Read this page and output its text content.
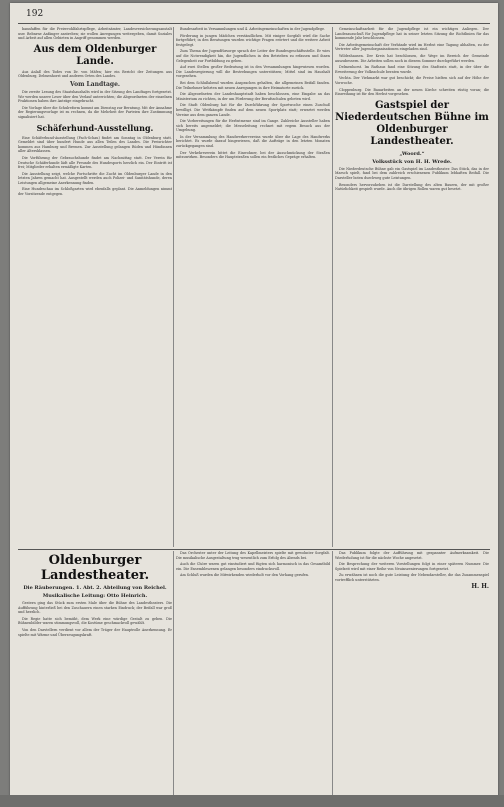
192

bannfaffen für die Freiwvohlfahrtspflege, Arbeitsämter, Landesversicherungsanstalt usw. Bebnrne Anfänger anstreben; sie wollen Anregungen weitergeben, damit Soziales und Arbeit auf allen Gebieten in Angriff genommen werden.

Aus dem Oldenburger Lande.

Aus Anlaß des Todes von Dr. von Mäfen; hier ein Bericht der Zeitungen aus Oldenburg, Delmenhorst und anderen Orten des Landes.

Vom Landtage.

Die zweite Lesung des Staatshaushalts wird in der Sitzung des Landtages fortgesetzt. Wir werden unsere Leser über den Verlauf unterrichten; die Abgeordneten der einzelnen Fraktionen haben ihre Anträge eingebracht.

Die Vorlage über die Schulreform kommt am Dienstag zur Beratung. Mit der Annahme der Regierungsvorlage ist zu rechnen, da die Mehrheit der Parteien ihre Zustimmung signalisiert hat.

Schäferhund-Ausstellung.

Eine Schäferhund-Ausstellung (Fach-Schau) findet am Sonntag in Oldenburg statt. Gemeldet sind über hundert Hunde aus allen Teilen des Landes. Die Preisrichter kommen aus Hamburg und Bremen. Zur Ausstellung gelangen Rüden und Hündinnen aller Altersklassen.

Die Vorführung der Gebrauchshunde findet am Nachmittag statt. Der Verein für Deutsche Schäferhunde lädt alle Freunde des Hundesports herzlich ein. Der Eintritt ist frei; Mitglieder erhalten ermäßigte Karten.

Die Ausstellung zeigt, welche Fortschritte die Zucht im Oldenburger Lande in den letzten Jahren gemacht hat. Ausgestellt werden auch Polizei- und Sanitätshunde, deren Leistungen allgemeine Anerkennung finden.

Eine Hundeschau im Schloßgarten wird ebenfalls geplant. Die Anmeldungen nimmt der Vorsitzende entgegen.

Bundesarbeit in Versammlungen und 4. Arbeitsgemeinschaften in der Jugendpflege.

Förderung in jungen Mädchen verständlichen. Mit einiger Sorgfalt wird die Sache fortgeführt; in den Beratungen wurden wichtige Fragen erörtert und die weitere Arbeit festgelegt.

Zum Thema der Jugendfürsorge sprach der Leiter der Bundesgeschäftsstelle. Er wies auf die Notwendigkeit hin, die Jugendlichen in den Betrieben zu erfassen und ihnen Gelegenheit zur Fortbildung zu geben.

Auf zwei Stellen großer Bedeutung ist in den Versammlungen hingewiesen worden. Die Landesregierung will die Bestrebungen unterstützen; Mittel sind im Haushalt vorgesehen.

Bei dem Schlußabend wurden Ansprachen gehalten, die allgemeinen Beifall fanden. Die Teilnehmer kehrten mit neuen Anregungen in ihre Heimatorte zurück.

Die Abgeordneten der Landeshauptstadt haben beschlossen, eine Eingabe an das Ministerium zu richten, in der um Förderung der Berufsschulen gebeten wird.

Die Stadt Oldenburg hat für die Durchführung der Sportwoche einen Zuschuß bewilligt. Die Wettkämpfe finden auf dem neuen Sportplatz statt; erwartet werden Vereine aus dem ganzen Lande.

Die Vorbereitungen für die Herbstmesse sind im Gange. Zahlreiche Aussteller haben sich bereits angemeldet; die Messeleitung rechnet mit regem Besuch aus der Umgebung.

In der Versammlung des Handwerkervereins wurde über die Lage des Handwerks berichtet. Es wurde darauf hingewiesen, daß die Aufträge in den letzten Monaten zurückgegangen sind.

Der Verkehrsverein bittet die Einwohner, bei der Ausschmückung der Straßen mitzuwirken. Besonders die Hauptstraßen sollen ein festliches Gepräge erhalten.

Gemeinschaftsarbeit für die Jugendpflege ist ein wichtiges Anliegen. Der Landesausschuß für Jugendpflege hat in seiner letzten Sitzung die Richtlinien für das kommende Jahr beschlossen.

Die Arbeitsgemeinschaft der Verbände wird im Herbst eine Tagung abhalten, zu der Vertreter aller Jugendorganisationen eingeladen sind.

Wildeshausen. Der Kreis hat beschlossen, die Wege im Bereich der Gemeinde auszubessern. Die Arbeiten sollen noch in diesem Sommer durchgeführt werden.

Delmenhorst. Im Rathaus fand eine Sitzung des Stadtrats statt, in der über die Erweiterung der Volksschule beraten wurde.

Vechta. Der Viehmarkt war gut beschickt; die Preise hielten sich auf der Höhe der Vorwoche.

Cloppenburg. Die Bauarbeiten an der neuen Kirche schreiten rüstig voran; die Einweihung ist für den Herbst vorgesehen.

Gastspiel der Niederdeutschen Bühne im Oldenburger Landestheater.
„Woord.“
Volksstück von H. H. Wrede.

Die Niederdeutsche Bühne gab ein Gastspiel im Landestheater. Das Stück, das in der Marsch spielt, fand bei dem zahlreich erschienenen Publikum lebhaften Beifall. Die Darsteller boten durchweg gute Leistungen.

Besonders hervorzuheben ist die Darstellung des alten Bauern, der mit großer Natürlichkeit gespielt wurde. Auch die übrigen Rollen waren gut besetzt.

Oldenburger Landestheater.
Die Räuberungen. 1. Abt. 2. Abteilung von Reichel.
Musikalische Leitung: Otto Heinrich.

Gestern ging das Stück zum ersten Male über die Bühne des Landestheaters. Die Aufführung hinterließ bei den Zuschauern einen starken Eindruck; der Beifall war groß und herzlich.

Die Regie hatte sich bemüht, dem Werk eine würdige Gestalt zu geben. Die Bühnenbilder waren stimmungsvoll, die Kostüme geschmackvoll gewählt.

Von den Darstellern verdient vor allem der Träger der Hauptrolle Anerkennung. Er spielte mit Wärme und Überzeugungskraft.

Das Orchester unter der Leitung des Kapellmeisters spielte mit gewohnter Sorgfalt. Die musikalische Ausgestaltung trug wesentlich zum Erfolg des Abends bei.

Auch die Chöre waren gut einstudiert und fügten sich harmonisch in das Gesamtbild ein. Die Ensembleszenen gelangen besonders eindrucksvoll.

Am Schluß wurden die Mitwirkenden wiederholt vor den Vorhang gerufen.

Das Publikum folgte der Aufführung mit gespannter Aufmerksamkeit. Die Wiederholung ist für die nächste Woche angesetzt.

Die Besprechung der weiteren Vorstellungen folgt in einer späteren Nummer. Die Spielzeit wird mit einer Reihe von Neuinszenierungen fortgesetzt.

Zu erwähnen ist noch die gute Leistung der Nebendarsteller, die das Zusammenspiel vortrefflich unterstützten.

H. H.
